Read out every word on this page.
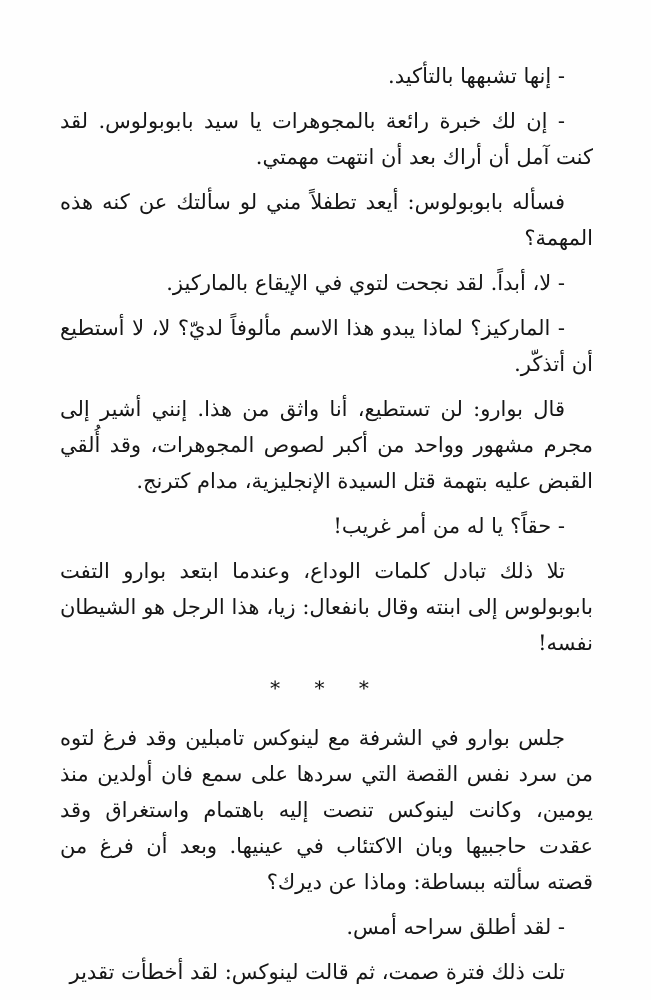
- إنها تشبهها بالتأكيد.

- إن لك خبرة رائعة بالمجوهرات يا سيد بابوبولوس. لقد كنت آمل أن أراك بعد أن انتهت مهمتي.

فسأله بابوبولوس: أيعد تطفلاً مني لو سألتك عن كنه هذه المهمة؟

- لا، أبداً. لقد نجحت لتوي في الإيقاع بالماركيز.

- الماركيز؟ لماذا يبدو هذا الاسم مألوفاً لديّ؟ لا، لا أستطيع أن أتذكّر.

قال بوارو: لن تستطيع، أنا واثق من هذا. إنني أشير إلى مجرم مشهور وواحد من أكبر لصوص المجوهرات، وقد أُلقي القبض عليه بتهمة قتل السيدة الإنجليزية، مدام كترنج.

- حقاً؟ يا له من أمر غريب!

تلا ذلك تبادل كلمات الوداع، وعندما ابتعد بوارو التفت بابوبولوس إلى ابنته وقال بانفعال: زيا، هذا الرجل هو الشيطان نفسه!

* * *

جلس بوارو في الشرفة مع لينوكس تامبلين وقد فرغ لتوه من سرد نفس القصة التي سردها على سمع فان أولدين منذ يومين، وكانت لينوكس تنصت إليه باهتمام واستغراق وقد عقدت حاجبيها وبان الاكتئاب في عينيها. وبعد أن فرغ من قصته سألته ببساطة: وماذا عن ديرك؟

- لقد أطلق سراحه أمس.

تلت ذلك فترة صمت، ثم قالت لينوكس: لقد أخطأت تقدير
